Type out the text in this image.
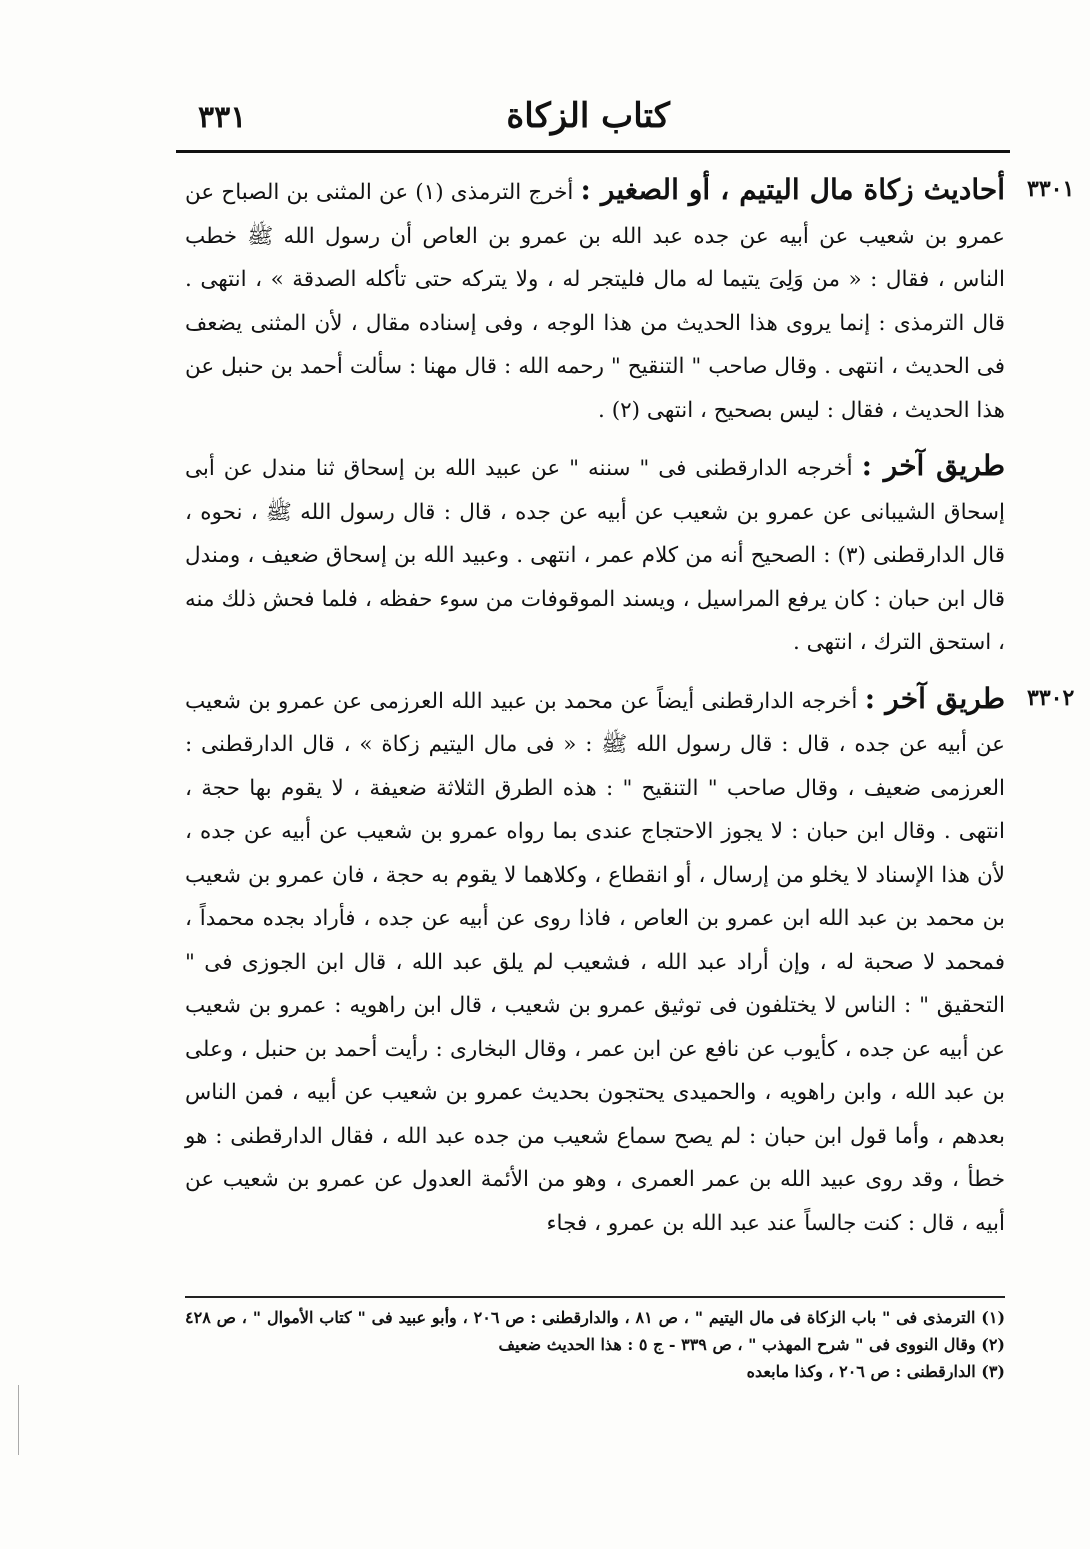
كتاب الزكاة
٣٣١

٣٣٠١
أحاديث زكاة مال اليتيم ، أو الصغير : أخرج الترمذى (١) عن المثنى بن الصباح عن عمرو بن شعيب عن أبيه عن جده عبد الله بن عمرو بن العاص أن رسول الله ﷺ خطب الناس ، فقال : « من وَلِىَ يتيما له مال فليتجر له ، ولا يتركه حتى تأكله الصدقة » ، انتهى . قال الترمذى : إنما يروى هذا الحديث من هذا الوجه ، وفى إسناده مقال ، لأن المثنى يضعف فى الحديث ، انتهى . وقال صاحب " التنقيح " رحمه الله : قال مهنا : سألت أحمد بن حنبل عن هذا الحديث ، فقال : ليس بصحيح ، انتهى (٢) .

طريق آخر : أخرجه الدارقطنى فى " سننه " عن عبيد الله بن إسحاق ثنا مندل عن أبى إسحاق الشيبانى عن عمرو بن شعيب عن أبيه عن جده ، قال : قال رسول الله ﷺ ، نحوه ، قال الدارقطنى (٣) : الصحيح أنه من كلام عمر ، انتهى . وعبيد الله بن إسحاق ضعيف ، ومندل قال ابن حبان : كان يرفع المراسيل ، ويسند الموقوفات من سوء حفظه ، فلما فحش ذلك منه ، استحق الترك ، انتهى .

٣٣٠٢
طريق آخر : أخرجه الدارقطنى أيضاً عن محمد بن عبيد الله العرزمى عن عمرو بن شعيب عن أبيه عن جده ، قال : قال رسول الله ﷺ : « فى مال اليتيم زكاة » ، قال الدارقطنى : العرزمى ضعيف ، وقال صاحب " التنقيح " : هذه الطرق الثلاثة ضعيفة ، لا يقوم بها حجة ، انتهى . وقال ابن حبان : لا يجوز الاحتجاج عندى بما رواه عمرو بن شعيب عن أبيه عن جده ، لأن هذا الإسناد لا يخلو من إرسال ، أو انقطاع ، وكلاهما لا يقوم به حجة ، فان عمرو بن شعيب بن محمد بن عبد الله ابن عمرو بن العاص ، فاذا روى عن أبيه عن جده ، فأراد بجده محمداً ، فمحمد لا صحبة له ، وإن أراد عبد الله ، فشعيب لم يلق عبد الله ، قال ابن الجوزى فى " التحقيق " : الناس لا يختلفون فى توثيق عمرو بن شعيب ، قال ابن راهويه : عمرو بن شعيب عن أبيه عن جده ، كأيوب عن نافع عن ابن عمر ، وقال البخارى : رأيت أحمد بن حنبل ، وعلى بن عبد الله ، وابن راهويه ، والحميدى يحتجون بحديث عمرو بن شعيب عن أبيه ، فمن الناس بعدهم ، وأما قول ابن حبان : لم يصح سماع شعيب من جده عبد الله ، فقال الدارقطنى : هو خطأ ، وقد روى عبيد الله بن عمر العمرى ، وهو من الأئمة العدول عن عمرو بن شعيب عن أبيه ، قال : كنت جالساً عند عبد الله بن عمرو ، فجاء

(١) الترمذى فى " باب الزكاة فى مال اليتيم " ، ص ٨١ ، والدارقطنى : ص ٢٠٦ ، وأبو عبيد فى " كتاب الأموال " ، ص ٤٢٨ (٢) وقال النووى فى " شرح المهذب " ، ص ٣٣٩ - ج ٥ : هذا الحديث ضعيف

(٣) الدارقطنى : ص ٢٠٦ ، وكذا مابعده
